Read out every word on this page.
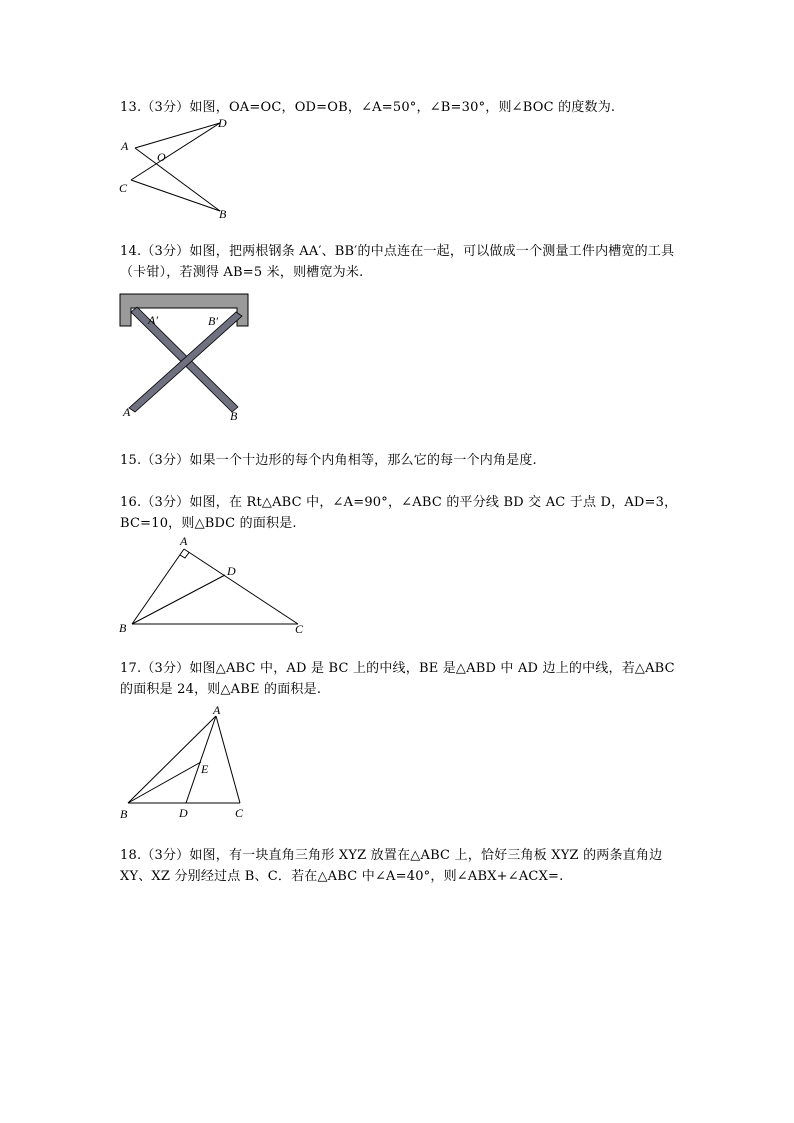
13.（3分）如图，OA=OC，OD=OB，∠A=50°，∠B=30°，则∠BOC 的度数为.
A
O
D
C
B
14.（3分）如图，把两根钢条 AA′、BB′的中点连在一起，可以做成一个测量工件内槽宽的工具（卡钳），若测得 AB=5 米，则槽宽为米.
A′	B′
A	B
15.（3分）如果一个十边形的每个内角相等，那么它的每一个内角是度.
16.（3分）如图，在 Rt△ABC 中，∠A=90°，∠ABC 的平分线 BD 交 AC 于点 D，AD=3，BC=10，则△BDC 的面积是.
A
D
B	C
17.（3分）如图△ABC 中，AD 是 BC 上的中线，BE 是△ABD 中 AD 边上的中线，若△ABC 的面积是 24，则△ABE 的面积是.
A
E
B	D	C
18.（3分）如图，有一块直角三角形 XYZ 放置在△ABC 上，恰好三角板 XYZ 的两条直角边 XY、XZ 分别经过点 B、C．若在△ABC 中∠A=40°，则∠ABX+∠ACX=.
